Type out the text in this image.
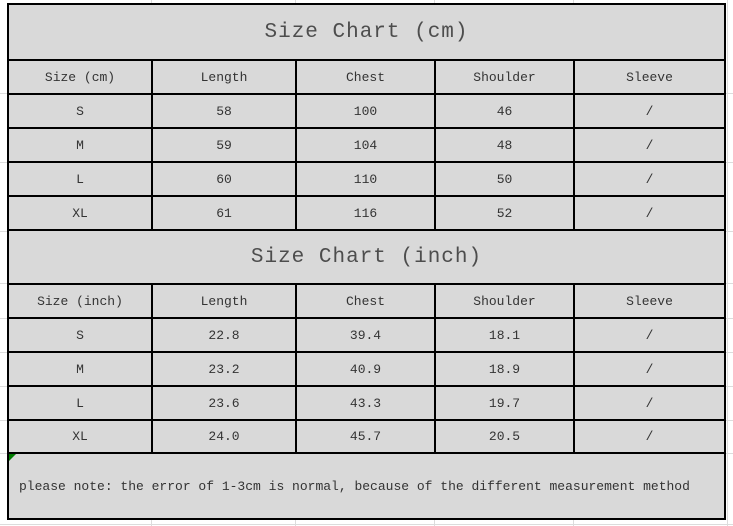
Size Chart (cm)				
Size (cm)	Length	Chest	Shoulder	Sleeve
S	58	100	46	/
M	59	104	48	/
L	60	110	50	/
XL	61	116	52	/
Size Chart (inch)				
Size (inch)	Length	Chest	Shoulder	Sleeve
S	22.8	39.4	18.1	/
M	23.2	40.9	18.9	/
L	23.6	43.3	19.7	/
XL	24.0	45.7	20.5	/

please note: the error of 1-3cm is normal, because of the different measurement method				
